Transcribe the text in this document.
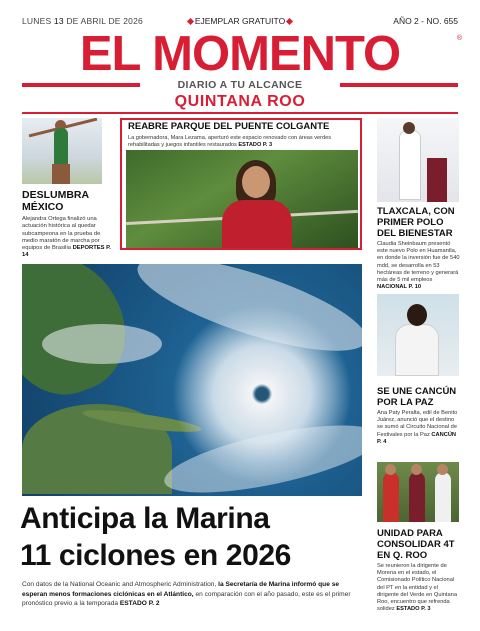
LUNES 13 DE ABRIL DE 2026	EJEMPLAR GRATUITO	AÑO 2 - NO. 655
EL MOMENTO	®
DIARIO A TU ALCANCE
QUINTANA ROO
DESLUMBRA MÉXICO
Alejandra Ortega finalizó una actuación histórica al quedar subcampeona en la prueba de medio maratón de marcha por equipos de Brasilia DEPORTES P. 14
REABRE PARQUE DEL PUENTE COLGANTE
La gobernadora, Mara Lezama, aperturó este espacio renovado con áreas verdes rehabilitadas y juegos infantiles restaurados ESTADO P. 3
TLAXCALA, CON PRIMER POLO DEL BIENESTAR
Claudia Sheinbaum presentó este nuevo Polo en Huamantla, en donde la inversión fue de 540 mdd, se desarrolla en 53 hectáreas de terreno y generará más de 5 mil empleos NACIONAL P. 10
SE UNE CANCÚN POR LA PAZ
Ana Paty Peralta, edil de Benito Juárez, anunció que el destino se sumó al Circuito Nacional de Festivales por la Paz CANCÚN P. 4
UNIDAD PARA CONSOLIDAR 4T EN Q. ROO
Se reunieron la dirigente de Morena en el estado, el Comisionado Político Nacional del PT en la entidad y el dirigente del Verde en Quintana Roo, encuentro que refrenda solidez ESTADO P. 3
Anticipa la Marina
11 ciclones en 2026
Con datos de la National Oceanic and Atmospheric Administration, la Secretaría de Marina informó que se esperan menos formaciones ciclónicas en el Atlántico, en comparación con el año pasado, este es el primer pronóstico previo a la temporada ESTADO P. 2
